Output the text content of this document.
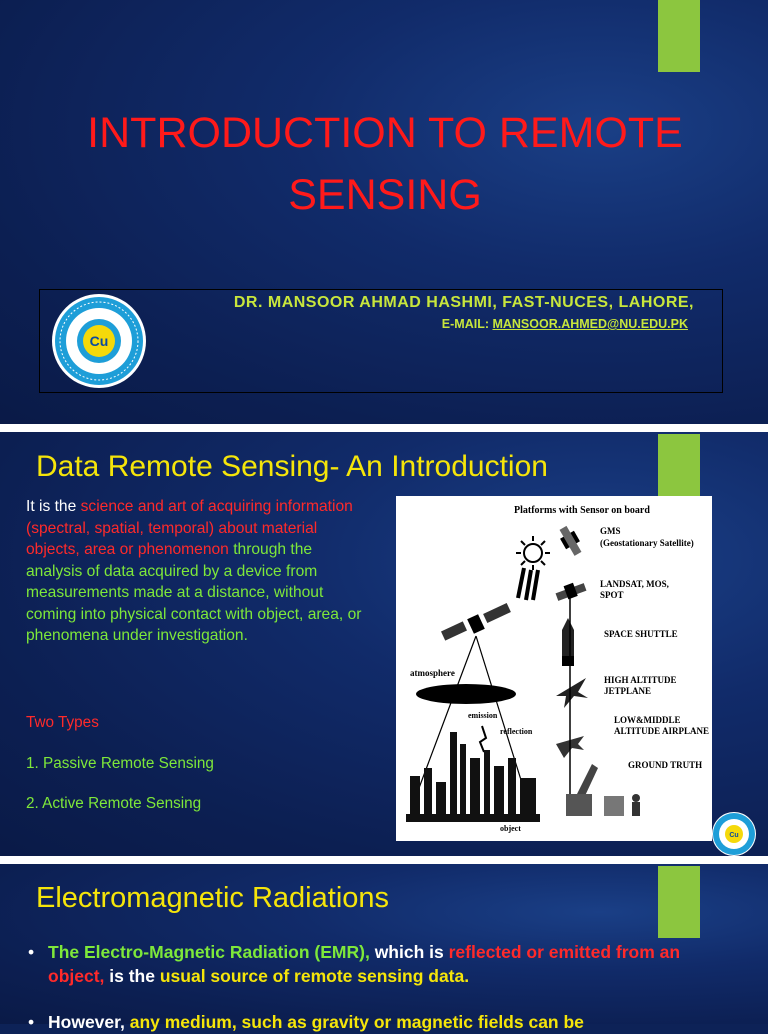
INTRODUCTION TO REMOTE
SENSING
Cu
DR. MANSOOR AHMAD HASHMI, FAST-NUCES, LAHORE,
E-MAIL: MANSOOR.AHMED@NU.EDU.PK
Data Remote Sensing- An Introduction
It is the science and art of acquiring information (spectral, spatial, temporal) about material objects, area or phenomenon through the analysis of data acquired by a device from measurements made at a distance, without coming into physical contact with object, area, or phenomena under investigation.
Two Types
1. Passive Remote Sensing
2. Active Remote Sensing
Platforms with Sensor on board
GMS
(Geostationary Satellite)
LANDSAT, MOS,
SPOT
SPACE SHUTTLE
HIGH ALTITUDE
JETPLANE
LOW&MIDDLE
ALTITUDE AIRPLANE
GROUND TRUTH
atmosphere
emission
reflection
object
Cu
Electromagnetic Radiations
• The Electro-Magnetic Radiation (EMR), which is reflected or emitted from an object, is the usual source of remote sensing data.
• However, any medium, such as gravity or magnetic fields can be
